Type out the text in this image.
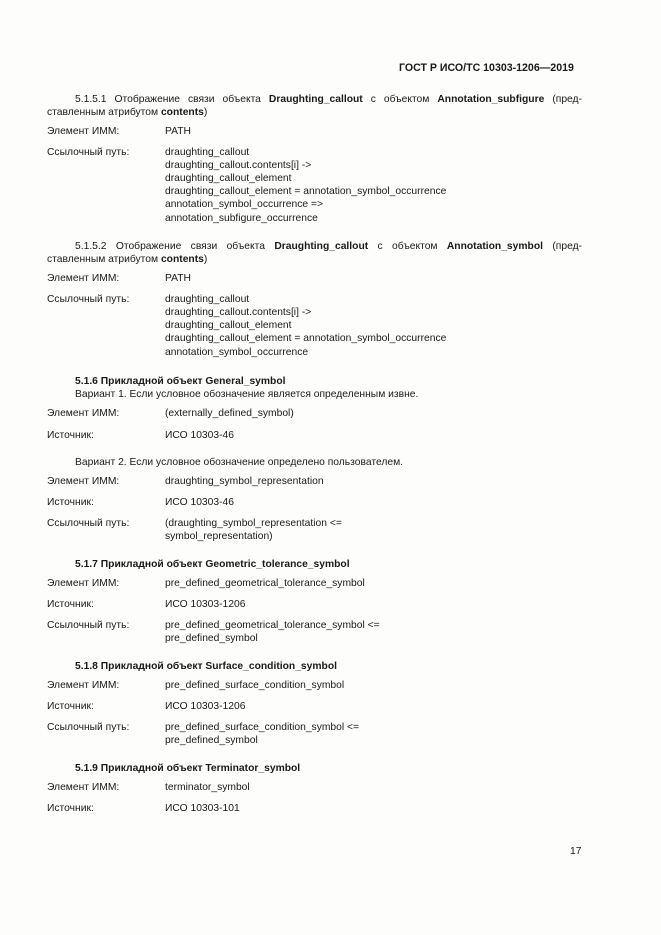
ГОСТ Р ИСО/ТС 10303-1206—2019
5.1.5.1 Отображение связи объекта Draughting_callout с объектом Annotation_subfigure (пред-ставленным атрибутом contents)
Элемент ИММ:	PATH
Ссылочный путь:	draughting_callout
draughting_callout.contents[i] ->
draughting_callout_element
draughting_callout_element = annotation_symbol_occurrence
annotation_symbol_occurrence =>
annotation_subfigure_occurrence
5.1.5.2 Отображение связи объекта Draughting_callout с объектом Annotation_symbol (пред-ставленным атрибутом contents)
Элемент ИММ:	PATH
Ссылочный путь:	draughting_callout
draughting_callout.contents[i] ->
draughting_callout_element
draughting_callout_element = annotation_symbol_occurrence
annotation_symbol_occurrence
5.1.6 Прикладной объект General_symbol
Вариант 1. Если условное обозначение является определенным извне.
Элемент ИММ:	(externally_defined_symbol)
Источник:	ИСО 10303-46
Вариант 2. Если условное обозначение определено пользователем.
Элемент ИММ:	draughting_symbol_representation
Источник:	ИСО 10303-46
Ссылочный путь:	(draughting_symbol_representation <=
symbol_representation)
5.1.7 Прикладной объект Geometric_tolerance_symbol
Элемент ИММ:	pre_defined_geometrical_tolerance_symbol
Источник:	ИСО 10303-1206
Ссылочный путь:	pre_defined_geometrical_tolerance_symbol <=
pre_defined_symbol
5.1.8 Прикладной объект Surface_condition_symbol
Элемент ИММ:	pre_defined_surface_condition_symbol
Источник:	ИСО 10303-1206
Ссылочный путь:	pre_defined_surface_condition_symbol <=
pre_defined_symbol
5.1.9 Прикладной объект Terminator_symbol
Элемент ИММ:	terminator_symbol
Источник:	ИСО 10303-101
17
